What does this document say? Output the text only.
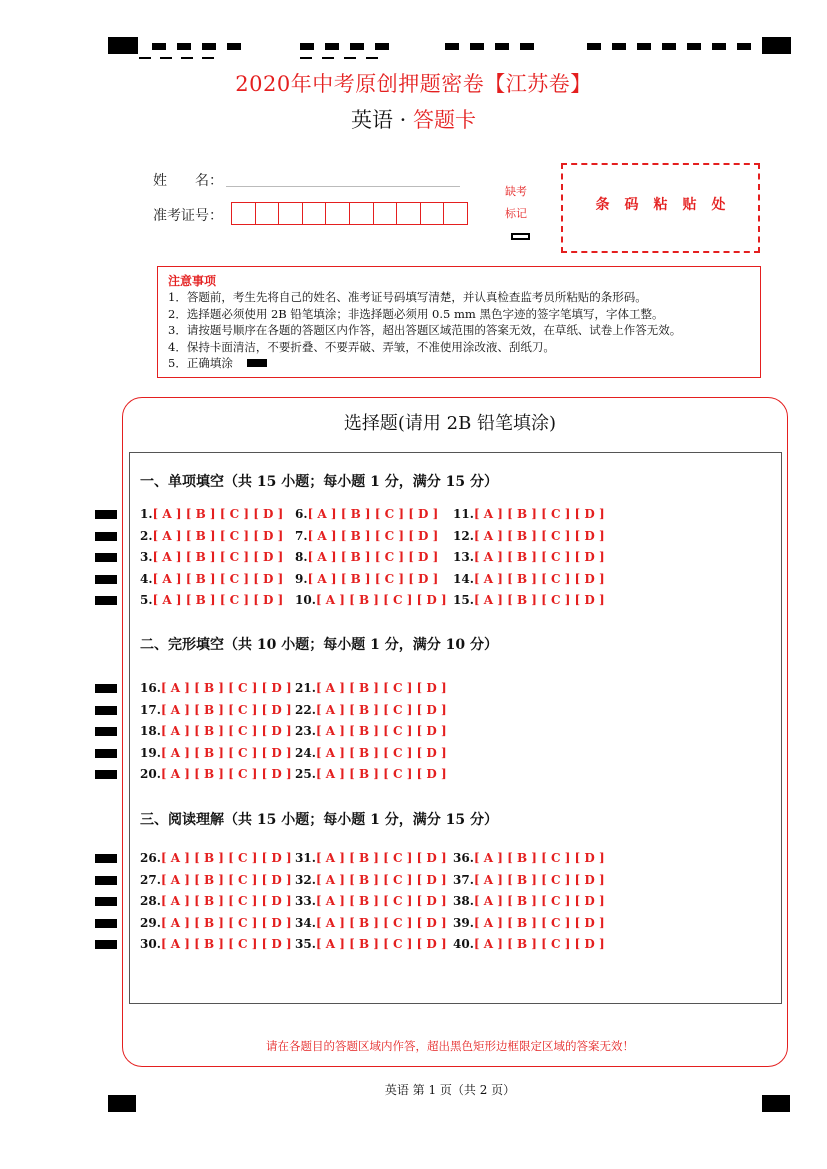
2020年中考原创押题密卷【江苏卷】
英语 · 答题卡
姓　　名：
准考证号：
缺考
标记
条码粘贴处
注意事项
1．答题前，考生先将自己的姓名、准考证号码填写清楚，并认真检查监考员所粘贴的条形码。
2．选择题必须使用 2B 铅笔填涂；非选择题必须用 0.5 mm 黑色字迹的签字笔填写，字体工整。
3．请按题号顺序在各题的答题区内作答，超出答题区域范围的答案无效，在草纸、试卷上作答无效。
4．保持卡面清洁，不要折叠、不要弄破、弄皱，不准使用涂改液、刮纸刀。
5．正确填涂
选择题(请用 2B 铅笔填涂)
一、单项填空（共 15 小题；每小题 1 分，满分 15 分）
二、完形填空（共 10 小题；每小题 1 分，满分 10 分）
三、阅读理解（共 15 小题；每小题 1 分，满分 15 分）
1.[ A ] [ B ] [ C ] [ D ]
2.[ A ] [ B ] [ C ] [ D ]
3.[ A ] [ B ] [ C ] [ D ]
4.[ A ] [ B ] [ C ] [ D ]
5.[ A ] [ B ] [ C ] [ D ]
6.[ A ] [ B ] [ C ] [ D ]
7.[ A ] [ B ] [ C ] [ D ]
8.[ A ] [ B ] [ C ] [ D ]
9.[ A ] [ B ] [ C ] [ D ]
10.[ A ] [ B ] [ C ] [ D ]
11.[ A ] [ B ] [ C ] [ D ]
12.[ A ] [ B ] [ C ] [ D ]
13.[ A ] [ B ] [ C ] [ D ]
14.[ A ] [ B ] [ C ] [ D ]
15.[ A ] [ B ] [ C ] [ D ]
16.[ A ] [ B ] [ C ] [ D ]
17.[ A ] [ B ] [ C ] [ D ]
18.[ A ] [ B ] [ C ] [ D ]
19.[ A ] [ B ] [ C ] [ D ]
20.[ A ] [ B ] [ C ] [ D ]
21.[ A ] [ B ] [ C ] [ D ]
22.[ A ] [ B ] [ C ] [ D ]
23.[ A ] [ B ] [ C ] [ D ]
24.[ A ] [ B ] [ C ] [ D ]
25.[ A ] [ B ] [ C ] [ D ]
26.[ A ] [ B ] [ C ] [ D ]
27.[ A ] [ B ] [ C ] [ D ]
28.[ A ] [ B ] [ C ] [ D ]
29.[ A ] [ B ] [ C ] [ D ]
30.[ A ] [ B ] [ C ] [ D ]
31.[ A ] [ B ] [ C ] [ D ]
32.[ A ] [ B ] [ C ] [ D ]
33.[ A ] [ B ] [ C ] [ D ]
34.[ A ] [ B ] [ C ] [ D ]
35.[ A ] [ B ] [ C ] [ D ]
36.[ A ] [ B ] [ C ] [ D ]
37.[ A ] [ B ] [ C ] [ D ]
38.[ A ] [ B ] [ C ] [ D ]
39.[ A ] [ B ] [ C ] [ D ]
40.[ A ] [ B ] [ C ] [ D ]
请在各题目的答题区域内作答，超出黑色矩形边框限定区域的答案无效！
英语 第 1 页（共 2 页）
